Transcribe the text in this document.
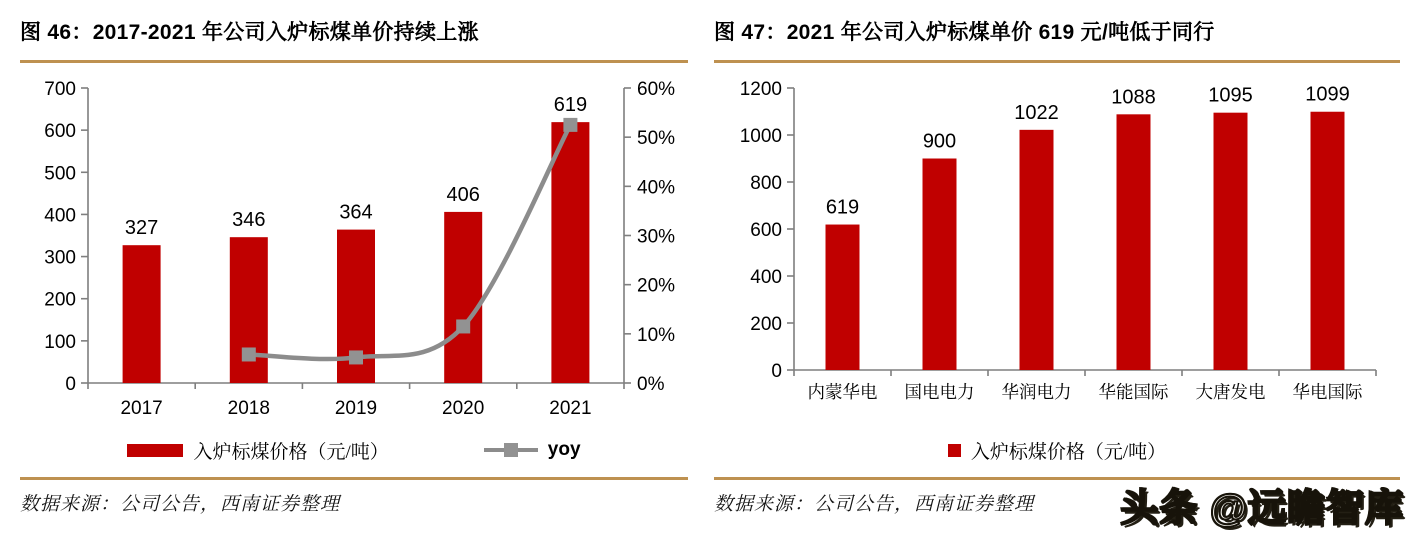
图 46：2017-2021 年公司入炉标煤单价持续上涨
0
100
200
300
400
500
600
700
0%
10%
20%
30%
40%
50%
60%
2017	2018	2019	2020	2021
327	346	364
406
619
入炉标煤价格（元/吨）	yoy
数据来源：公司公告，西南证券整理
图 47：2021 年公司入炉标煤单价 619 元/吨低于同行
0
200
400
600
800
1000
1200
内蒙华电 国电电力 华润电力 华能国际 大唐发电 华电国际
619
900
1022
1088	1095	1099
入炉标煤价格（元/吨）
数据来源：公司公告，西南证券整理	头条 @远瞻智库
